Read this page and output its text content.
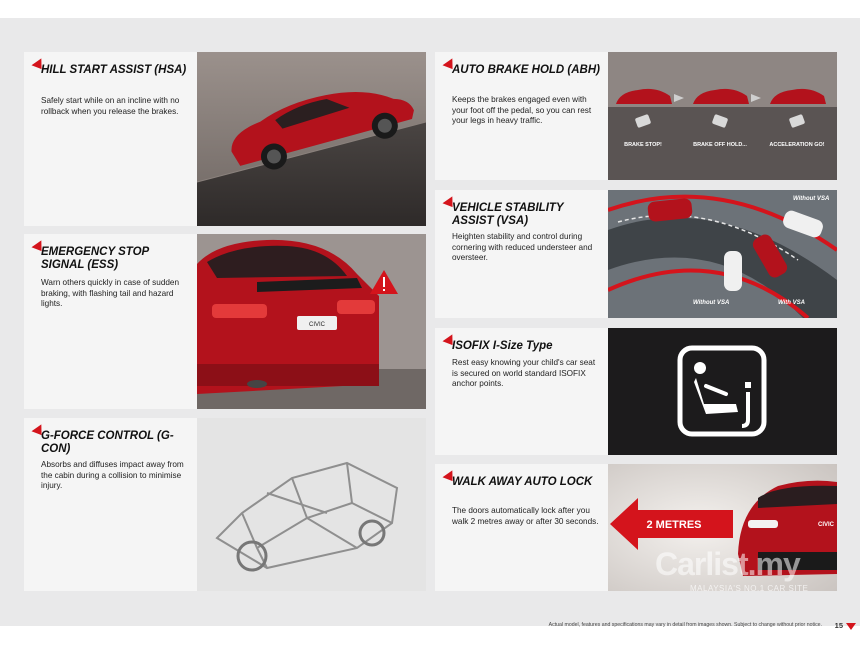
HILL START ASSIST (HSA)

Safely start while on an incline with no rollback when you release the brakes.

EMERGENCY STOP SIGNAL (ESS)

Warn others quickly in case of sudden braking, with flashing tail and hazard lights.

CIVIC
G-FORCE CONTROL (G-CON)

Absorbs and diffuses impact away from the cabin during a collision to minimise injury.

AUTO BRAKE HOLD (ABH)

Keeps the brakes engaged even with your foot off the pedal, so you can rest your legs in heavy traffic.

BRAKE STOP!	BRAKE OFF HOLD...	ACCELERATION GO!
VEHICLE STABILITY ASSIST (VSA)

Heighten stability and control during cornering with reduced understeer and oversteer.

Without VSA
Without VSA	With VSA
ISOFIX I-Size Type

Rest easy knowing your child's car seat is secured on world standard ISOFIX anchor points.

WALK AWAY AUTO LOCK

The doors automatically lock after you walk 2 metres away or after 30 seconds.	2 METRES	CIVIC
Carlist.my
MALAYSIA'S NO.1 CAR SITE
Actual model, features and specifications may vary in detail from images shown. Subject to change without prior notice. 15
